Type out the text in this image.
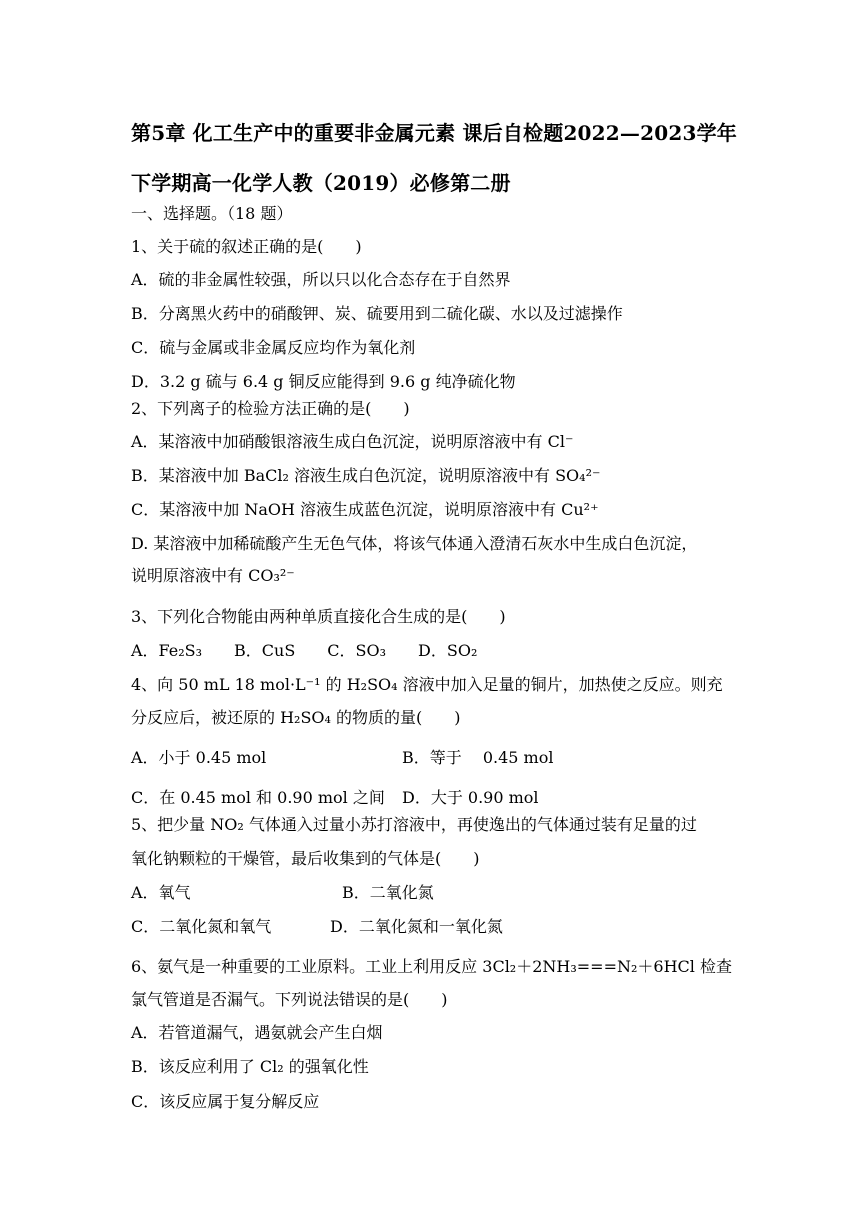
第5章 化工生产中的重要非金属元素 课后自检题2022—2023学年下学期高一化学人教（2019）必修第二册
一、选择题。（18 题）
1、关于硫的叙述正确的是(　　)
A．硫的非金属性较强，所以只以化合态存在于自然界
B．分离黑火药中的硝酸钾、炭、硫要用到二硫化碳、水以及过滤操作
C．硫与金属或非金属反应均作为氧化剂
D．3.2 g 硫与 6.4 g 铜反应能得到 9.6 g 纯净硫化物
2、下列离子的检验方法正确的是(　　)
A．某溶液中加硝酸银溶液生成白色沉淀，说明原溶液中有 Cl⁻
B．某溶液中加 BaCl₂ 溶液生成白色沉淀，说明原溶液中有 SO₄²⁻
C．某溶液中加 NaOH 溶液生成蓝色沉淀，说明原溶液中有 Cu²⁺
D. 某溶液中加稀硫酸产生无色气体，将该气体通入澄清石灰水中生成白色沉淀，
说明原溶液中有 CO₃²⁻
3、下列化合物能由两种单质直接化合生成的是(　　)
A．Fe₂S₃　　B．CuS　　C．SO₃　　D．SO₂
4、向 50 mL 18 mol·L⁻¹ 的 H₂SO₄ 溶液中加入足量的铜片，加热使之反应。则充
分反应后，被还原的 H₂SO₄ 的物质的量(　　)
A．小于 0.45 mol	B．等于　 0.45 mol
C．在 0.45 mol 和 0.90 mol 之间 D．大于 0.90 mol
5、把少量 NO₂ 气体通入过量小苏打溶液中，再使逸出的气体通过装有足量的过
氧化钠颗粒的干燥管，最后收集到的气体是(　　)
A．氧气	B．二氧化氮
C．二氧化氮和氧气	D．二氧化氮和一氧化氮
6、氨气是一种重要的工业原料。工业上利用反应 3Cl₂＋2NH₃===N₂＋6HCl 检查
氯气管道是否漏气。下列说法错误的是(　　)
A．若管道漏气，遇氨就会产生白烟
B．该反应利用了 Cl₂ 的强氧化性
C．该反应属于复分解反应
